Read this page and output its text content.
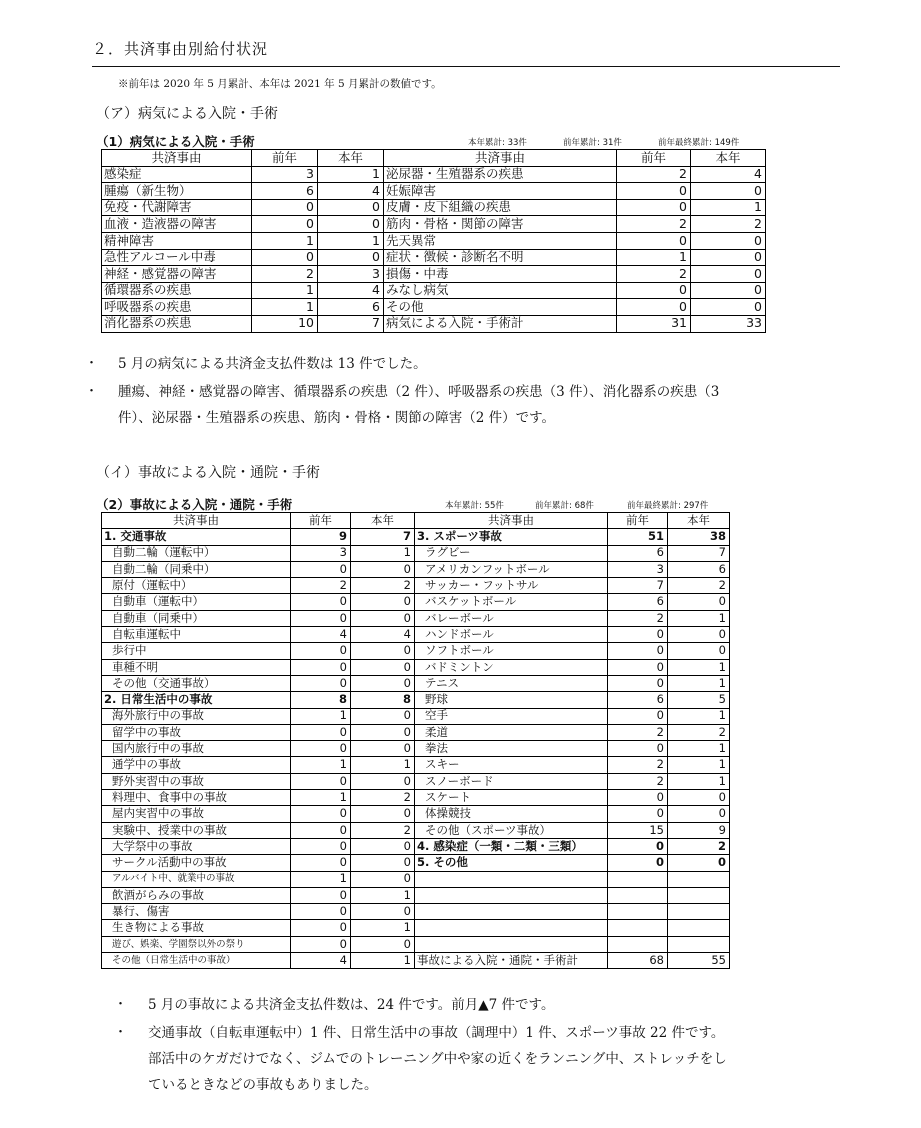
２．共済事由別給付状況
※前年は 2020 年 5 月累計、本年は 2021 年 5 月累計の数値です。
（ア）病気による入院・手術
（1）病気による入院・手術	本年累計: 33件	前年累計: 31件	前年最終累計: 149件
共済事由	前年	本年	共済事由	前年	本年
感染症	3	1	泌尿器・生殖器系の疾患	2	4
腫瘍（新生物）	6	4	妊娠障害	0	0
免疫・代謝障害	0	0	皮膚・皮下組織の疾患	0	1
血液・造液器の障害	0	0	筋肉・骨格・関節の障害	2	2
精神障害	1	1	先天異常	0	0
急性アルコール中毒	0	0	症状・徴候・診断名不明	1	0
神経・感覚器の障害	2	3	損傷・中毒	2	0
循環器系の疾患	1	4	みなし病気	0	0
呼吸器系の疾患	1	6	その他	0	0
消化器系の疾患	10	7	病気による入院・手術計	31	33
・ 5 月の病気による共済金支払件数は 13 件でした。
・ 腫瘍、神経・感覚器の障害、循環器系の疾患（2 件）、呼吸器系の疾患（3 件）、消化器系の疾患（3
件）、泌尿器・生殖器系の疾患、筋肉・骨格・関節の障害（2 件）です。
（イ）事故による入院・通院・手術
（2）事故による入院・通院・手術	本年累計: 55件	前年累計: 68件	前年最終累計: 297件
共済事由	前年	本年	共済事由	前年	本年
1. 交通事故	9	7	3. スポーツ事故	51	38
自動二輪（運転中）	3	1	ラグビー	6	7
自動二輪（同乗中）	0	0	アメリカンフットボール	3	6
原付（運転中）	2	2	サッカー・フットサル	7	2
自動車（運転中）	0	0	バスケットボール	6	0
自動車（同乗中）	0	0	バレーボール	2	1
自転車運転中	4	4	ハンドボール	0	0
歩行中	0	0	ソフトボール	0	0
車種不明	0	0	バドミントン	0	1
その他（交通事故）	0	0	テニス	0	1
2. 日常生活中の事故	8	8	野球	6	5
海外旅行中の事故	1	0	空手	0	1
留学中の事故	0	0	柔道	2	2
国内旅行中の事故	0	0	拳法	0	1
通学中の事故	1	1	スキー	2	1
野外実習中の事故	0	0	スノーボード	2	1
料理中、食事中の事故	1	2	スケート	0	0
屋内実習中の事故	0	0	体操競技	0	0
実験中、授業中の事故	0	2	その他（スポーツ事故）	15	9
大学祭中の事故	0	0	4. 感染症（一類・二類・三類）	0	2
サークル活動中の事故	0	0	5. その他	0	0
アルバイト中、就業中の事故	1	0			
飲酒がらみの事故	0	1			
暴行、傷害	0	0			
生き物による事故	0	1			
遊び、娯楽、学園祭以外の祭り	0	0			
その他（日常生活中の事故）	4	1	事故による入院・通院・手術計	68	55
・ 5 月の事故による共済金支払件数は、24 件です。前月▲7 件です。
・ 交通事故（自転車運転中）1 件、日常生活中の事故（調理中）1 件、スポーツ事故 22 件です。
部活中のケガだけでなく、ジムでのトレーニング中や家の近くをランニング中、ストレッチをし
ているときなどの事故もありました。
